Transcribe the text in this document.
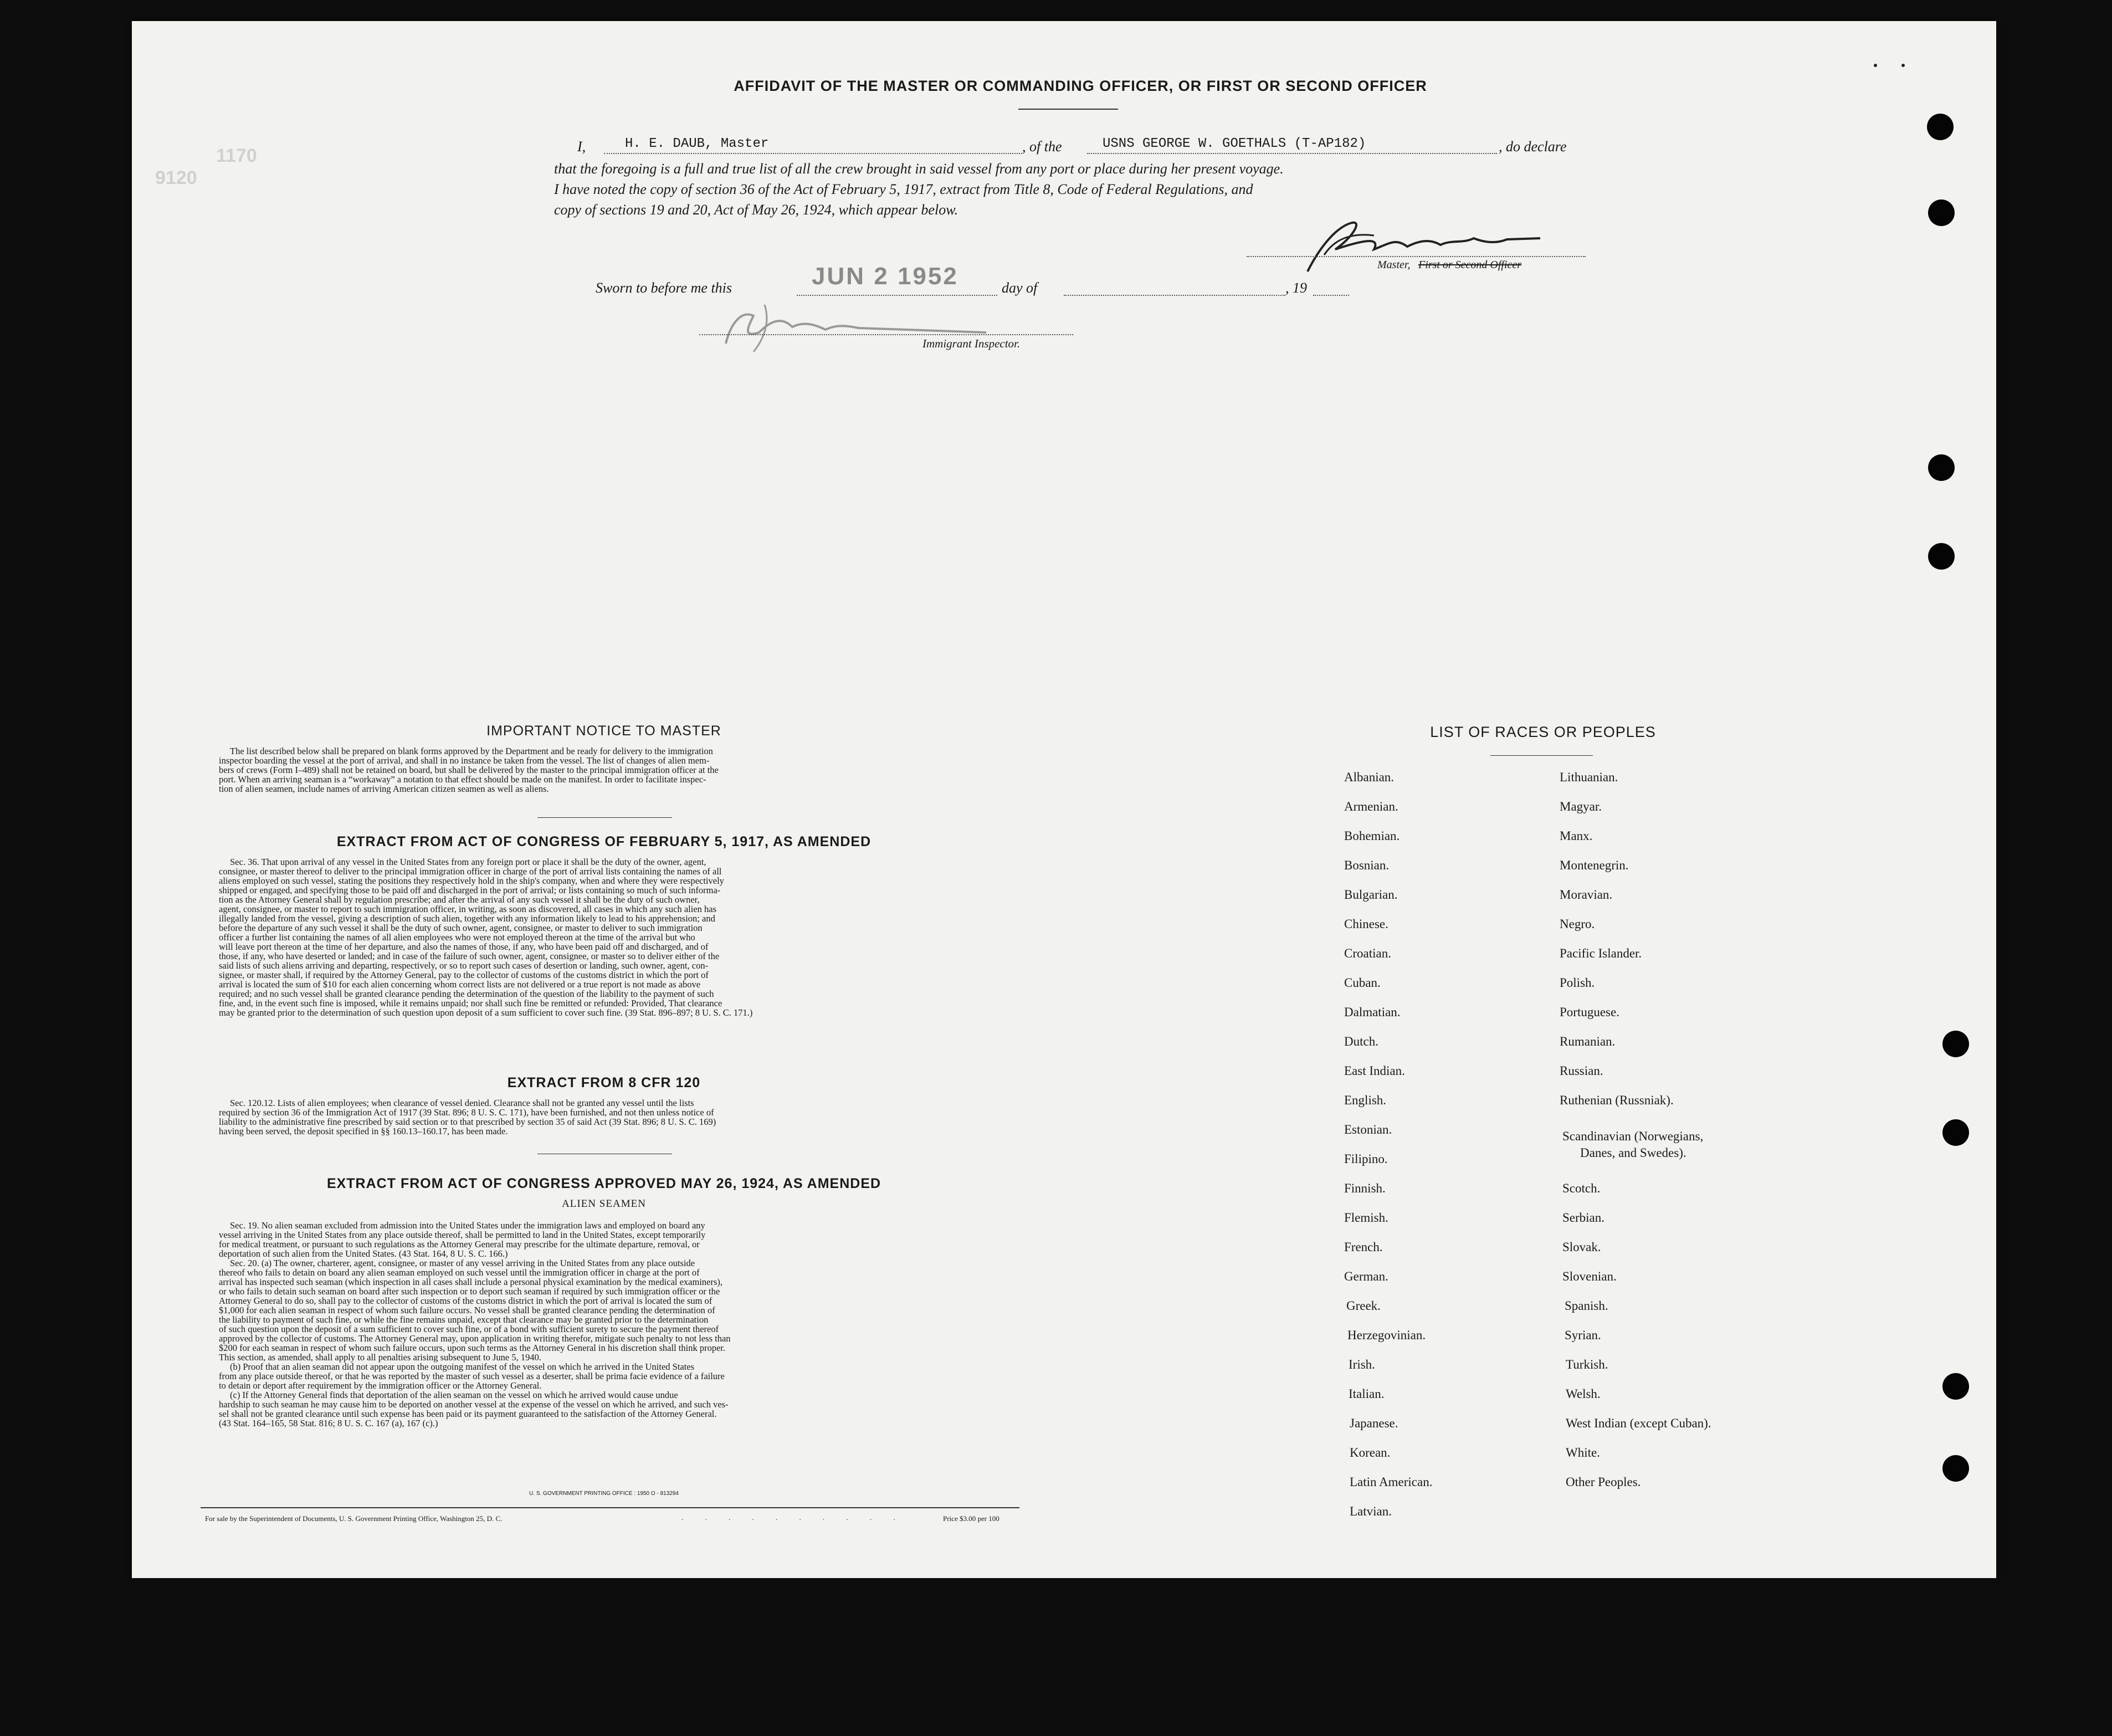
1170
9120
AFFIDAVIT OF THE MASTER OR COMMANDING OFFICER, OR FIRST OR SECOND OFFICER
I,	H. E. DAUB, Master	, of the	USNS GEORGE W. GOETHALS (T-AP182)	, do declare
that the foregoing is a full and true list of all the crew brought in said vessel from any port or place during her present voyage.
I have noted the copy of section 36 of the Act of February 5, 1917, extract from Title 8, Code of Federal Regulations, and
copy of sections 19 and 20, Act of May 26, 1924, which appear below.
Master, First or Second Officer
Sworn to before me this	JUN 2 1952	day of	, 19
Immigrant Inspector.
IMPORTANT NOTICE TO MASTER
The list described below shall be prepared on blank forms approved by the Department and be ready for delivery to the immigration
inspector boarding the vessel at the port of arrival, and shall in no instance be taken from the vessel. The list of changes of alien mem-
bers of crews (Form I–489) shall not be retained on board, but shall be delivered by the master to the principal immigration officer at the
port. When an arriving seaman is a “workaway” a notation to that effect should be made on the manifest. In order to facilitate inspec-
tion of alien seamen, include names of arriving American citizen seamen as well as aliens.
EXTRACT FROM ACT OF CONGRESS OF FEBRUARY 5, 1917, AS AMENDED
Sec. 36. That upon arrival of any vessel in the United States from any foreign port or place it shall be the duty of the owner, agent,
consignee, or master thereof to deliver to the principal immigration officer in charge of the port of arrival lists containing the names of all
aliens employed on such vessel, stating the positions they respectively hold in the ship's company, when and where they were respectively
shipped or engaged, and specifying those to be paid off and discharged in the port of arrival; or lists containing so much of such informa-
tion as the Attorney General shall by regulation prescribe; and after the arrival of any such vessel it shall be the duty of such owner,
agent, consignee, or master to report to such immigration officer, in writing, as soon as discovered, all cases in which any such alien has
illegally landed from the vessel, giving a description of such alien, together with any information likely to lead to his apprehension; and
before the departure of any such vessel it shall be the duty of such owner, agent, consignee, or master to deliver to such immigration
officer a further list containing the names of all alien employees who were not employed thereon at the time of the arrival but who
will leave port thereon at the time of her departure, and also the names of those, if any, who have been paid off and discharged, and of
those, if any, who have deserted or landed; and in case of the failure of such owner, agent, consignee, or master so to deliver either of the
said lists of such aliens arriving and departing, respectively, or so to report such cases of desertion or landing, such owner, agent, con-
signee, or master shall, if required by the Attorney General, pay to the collector of customs of the customs district in which the port of
arrival is located the sum of $10 for each alien concerning whom correct lists are not delivered or a true report is not made as above
required; and no such vessel shall be granted clearance pending the determination of the question of the liability to the payment of such
fine, and, in the event such fine is imposed, while it remains unpaid; nor shall such fine be remitted or refunded: Provided, That clearance
may be granted prior to the determination of such question upon deposit of a sum sufficient to cover such fine. (39 Stat. 896–897; 8 U. S. C. 171.)
EXTRACT FROM 8 CFR 120
Sec. 120.12. Lists of alien employees; when clearance of vessel denied. Clearance shall not be granted any vessel until the lists
required by section 36 of the Immigration Act of 1917 (39 Stat. 896; 8 U. S. C. 171), have been furnished, and not then unless notice of
liability to the administrative fine prescribed by said section or to that prescribed by section 35 of said Act (39 Stat. 896; 8 U. S. C. 169)
having been served, the deposit specified in §§ 160.13–160.17, has been made.
EXTRACT FROM ACT OF CONGRESS APPROVED MAY 26, 1924, AS AMENDED
ALIEN SEAMEN
Sec. 19. No alien seaman excluded from admission into the United States under the immigration laws and employed on board any
vessel arriving in the United States from any place outside thereof, shall be permitted to land in the United States, except temporarily
for medical treatment, or pursuant to such regulations as the Attorney General may prescribe for the ultimate departure, removal, or
deportation of such alien from the United States. (43 Stat. 164, 8 U. S. C. 166.)
Sec. 20. (a) The owner, charterer, agent, consignee, or master of any vessel arriving in the United States from any place outside
thereof who fails to detain on board any alien seaman employed on such vessel until the immigration officer in charge at the port of
arrival has inspected such seaman (which inspection in all cases shall include a personal physical examination by the medical examiners),
or who fails to detain such seaman on board after such inspection or to deport such seaman if required by such immigration officer or the
Attorney General to do so, shall pay to the collector of customs of the customs district in which the port of arrival is located the sum of
$1,000 for each alien seaman in respect of whom such failure occurs. No vessel shall be granted clearance pending the determination of
the liability to payment of such fine, or while the fine remains unpaid, except that clearance may be granted prior to the determination
of such question upon the deposit of a sum sufficient to cover such fine, or of a bond with sufficient surety to secure the payment thereof
approved by the collector of customs. The Attorney General may, upon application in writing therefor, mitigate such penalty to not less than
$200 for each seaman in respect of whom such failure occurs, upon such terms as the Attorney General in his discretion shall think proper.
This section, as amended, shall apply to all penalties arising subsequent to June 5, 1940.
(b) Proof that an alien seaman did not appear upon the outgoing manifest of the vessel on which he arrived in the United States
from any place outside thereof, or that he was reported by the master of such vessel as a deserter, shall be prima facie evidence of a failure
to detain or deport after requirement by the immigration officer or the Attorney General.
(c) If the Attorney General finds that deportation of the alien seaman on the vessel on which he arrived would cause undue
hardship to such seaman he may cause him to be deported on another vessel at the expense of the vessel on which he arrived, and such ves-
sel shall not be granted clearance until such expense has been paid or its payment guaranteed to the satisfaction of the Attorney General.
(43 Stat. 164–165, 58 Stat. 816; 8 U. S. C. 167 (a), 167 (c).)
U. S. GOVERNMENT PRINTING OFFICE : 1950 O - 813294
For sale by the Superintendent of Documents, U. S. Government Printing Office, Washington 25, D. C.	. . . . . . . . . .	Price $3.00 per 100
LIST OF RACES OR PEOPLES
Albanian.
Armenian.
Bohemian.
Bosnian.
Bulgarian.
Chinese.
Croatian.
Cuban.
Dalmatian.
Dutch.
East Indian.
English.
Estonian.
Filipino.
Finnish.
Flemish.
French.
German.
Greek.
Herzegovinian.
Irish.
Italian.
Japanese.
Korean.
Latin American.
Latvian.
Lithuanian.
Magyar.
Manx.
Montenegrin.
Moravian.
Negro.
Pacific Islander.
Polish.
Portuguese.
Rumanian.
Russian.
Ruthenian (Russniak).
Scandinavian (Norwegians,
Danes, and Swedes).
Scotch.
Serbian.
Slovak.
Slovenian.
Spanish.
Syrian.
Turkish.
Welsh.
West Indian (except Cuban).
White.
Other Peoples.
